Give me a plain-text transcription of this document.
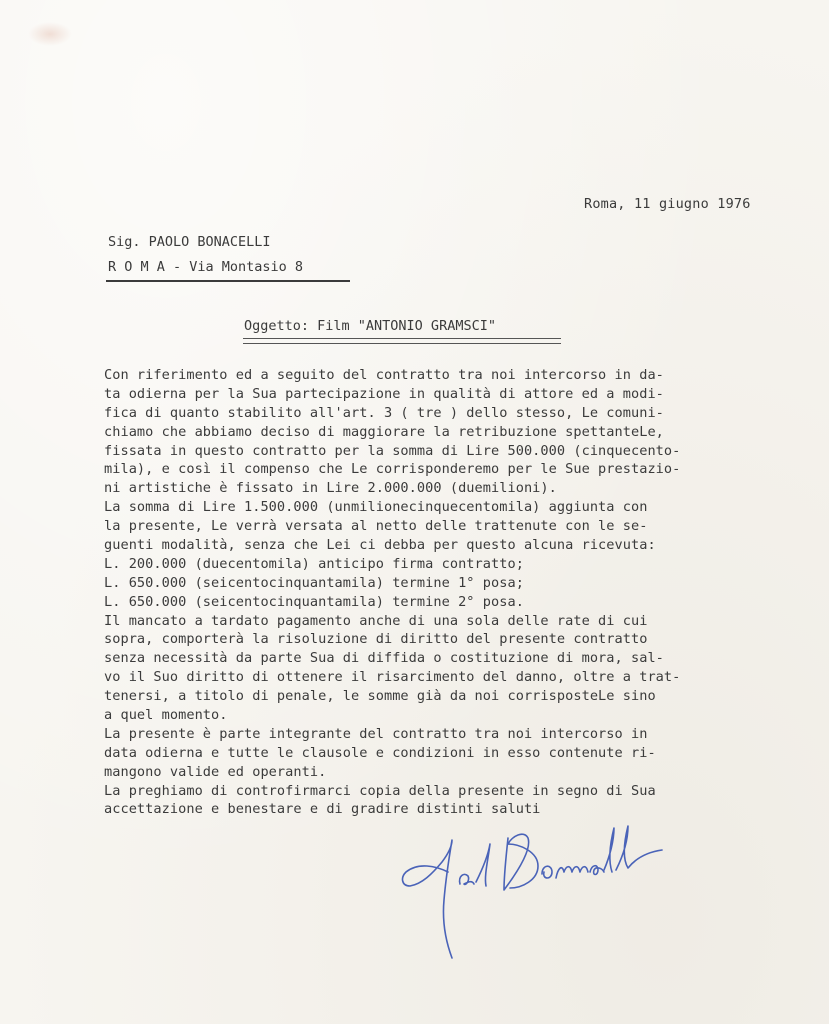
Roma, 11 giugno 1976
Sig. PAOLO BONACELLI
R O M A - Via Montasio 8
Oggetto: Film "ANTONIO GRAMSCI"
Con riferimento ed a seguito del contratto tra noi intercorso in da-
ta odierna per la Sua partecipazione in qualità di attore ed a modi-
fica di quanto stabilito all'art. 3 ( tre ) dello stesso, Le comuni-
chiamo che abbiamo deciso di maggiorare la retribuzione spettanteLe,
fissata in questo contratto per la somma di Lire 500.000 (cinquecento-
mila), e così il compenso che Le corrisponderemo per le Sue prestazio-
ni artistiche è fissato in Lire 2.000.000 (duemilioni).
La somma di Lire 1.500.000 (unmilionecinquecentomila) aggiunta con
la presente, Le verrà versata al netto delle trattenute con le se-
guenti modalità, senza che Lei ci debba per questo alcuna ricevuta:
L. 200.000 (duecentomila) anticipo firma contratto;
L. 650.000 (seicentocinquantamila) termine 1° posa;
L. 650.000 (seicentocinquantamila) termine 2° posa.
Il mancato a tardato pagamento anche di una sola delle rate di cui
sopra, comporterà la risoluzione di diritto del presente contratto
senza necessità da parte Sua di diffida o costituzione di mora, sal-
vo il Suo diritto di ottenere il risarcimento del danno, oltre a trat-
tenersi, a titolo di penale, le somme già da noi corrisposteLe sino
a quel momento.
La presente è parte integrante del contratto tra noi intercorso in
data odierna e tutte le clausole e condizioni in esso contenute ri-
mangono valide ed operanti.
La preghiamo di controfirmarci copia della presente in segno di Sua
accettazione e benestare e di gradire distinti saluti
